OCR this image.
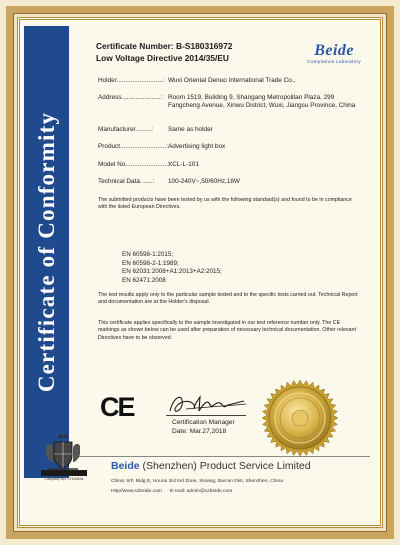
Certificate of Conformity
Certificate Number: B-S180316972
Low Voltage Directive 2014/35/EU	Beide
Compliance Laboratory
Holder..........................: Wuxi Oriental Denuo International Trade Co.,
Address......................: Room 1519, Building 9, Shangang Metropolitan Plaza, 299 Fangcheng Avenue, Xinwu District, Wuxi, Jiangsu Province, China
Manufacturer.........:	Same as holder
Product..........................: Advertising light box
Model No........................:
XCL-L-101
Technical Data.......:	100-240V~,50/60Hz,18W
The submitted products have been tested by us with the following standard(s) and found to be in compliance with the listed European Directives.
EN 60598-1:2015;
EN 60598-2-1:1989;
EN 62031:2008+A1:2013+A2:2015;
EN 62471:2008
The test results apply only to the particular sample tested and to the specific tests carried out. Technical Report and documentation are at the Holder's disposal.
This certificate applies specifically to the sample investigated in our test reference number only. The CE markings as shown below can be used after preparation of necessary technical documentation. Other relevant Directives have to be observed.
CE
Certification Manager
Date: Mar.27,2018
Beide (Shenzhen) Product Service Limited
China: 6/F, Bldg E, Hourui 3rd Ind Zone, Xixiang, Bao'an Dist, Shenzhen, China
Http//www.szbeide.com E-mail: admin@szbeide.com
Company No. 07153434
